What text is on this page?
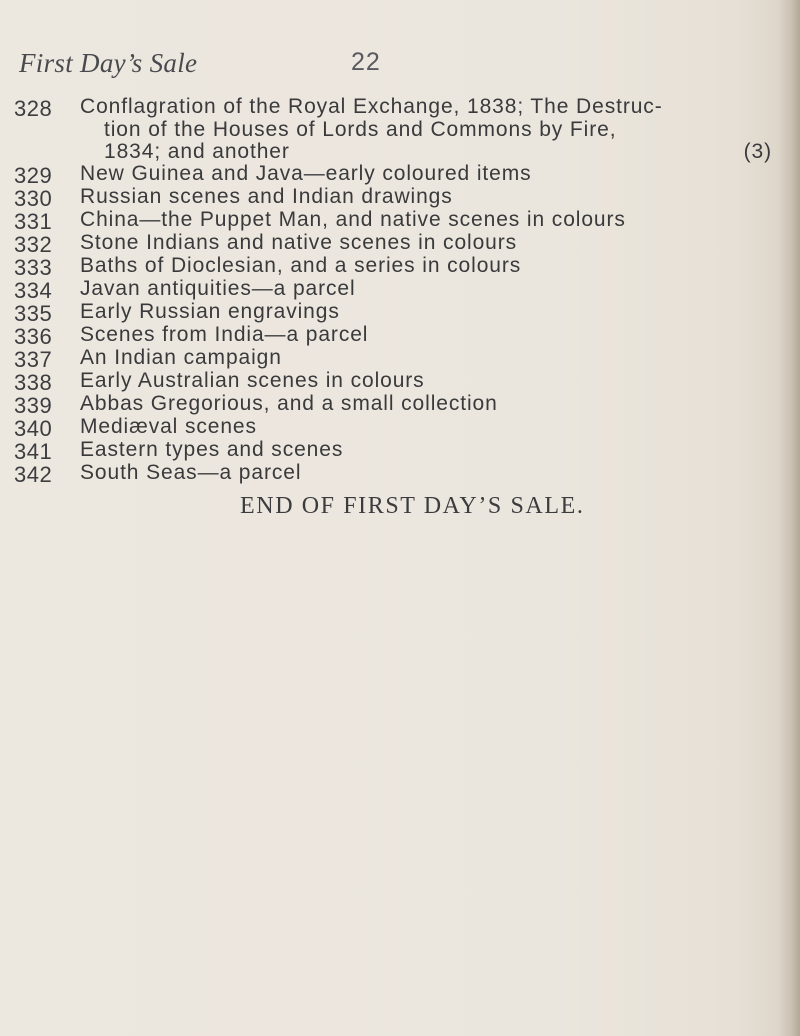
First Day’s Sale	22
328	Conflagration of the Royal Exchange, 1838; The Destruc-
tion of the Houses of Lords and Commons by Fire,
1834; and another	(3)
329	New Guinea and Java—early coloured items
330	Russian scenes and Indian drawings
331	China—the Puppet Man, and native scenes in colours
332	Stone Indians and native scenes in colours
333	Baths of Dioclesian, and a series in colours
334	Javan antiquities—a parcel
335	Early Russian engravings
336	Scenes from India—a parcel
337	An Indian campaign
338	Early Australian scenes in colours
339	Abbas Gregorious, and a small collection
340	Mediæval scenes
341	Eastern types and scenes
342	South Seas—a parcel
END OF FIRST DAY’S SALE.
